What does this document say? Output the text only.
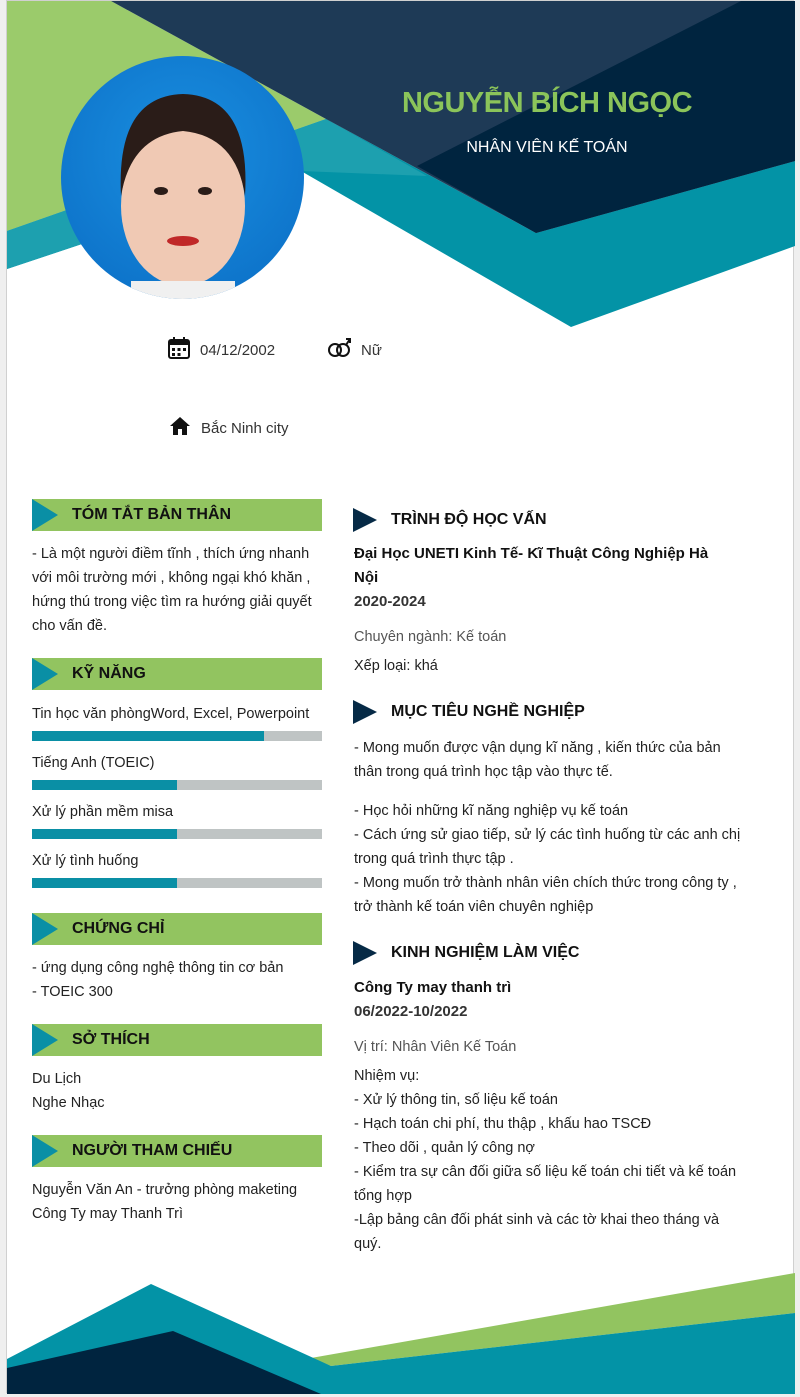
NGUYỄN BÍCH NGỌC
NHÂN VIÊN KẾ TOÁN
04/12/2002	Nữ
Bắc Ninh city
TÓM TẮT BẢN THÂN
- Là một người điềm tĩnh , thích ứng nhanh với môi trường mới , không ngại khó khăn , hứng thú trong việc tìm ra hướng giải quyết cho vấn đề.
KỸ NĂNG
Tin học văn phòngWord, Excel, Powerpoint
Tiếng Anh (TOEIC)
Xử lý phần mềm misa
Xử lý tình huống
CHỨNG CHỈ
- ứng dụng công nghệ thông tin cơ bản
- TOEIC 300
SỞ THÍCH
Du Lịch
Nghe Nhạc
NGƯỜI THAM CHIẾU
Nguyễn Văn An - trưởng phòng maketing
Công Ty may Thanh Trì
TRÌNH ĐỘ HỌC VẤN
Đại Học UNETI Kinh Tế- Kĩ Thuật Công Nghiệp Hà Nội
2020-2024
Chuyên ngành: Kế toán
Xếp loại: khá
MỤC TIÊU NGHỀ NGHIỆP
- Mong muốn được vận dụng kĩ năng , kiến thức của bản thân trong quá trình học tập vào thực tế.
- Học hỏi những kĩ năng nghiệp vụ kế toán
- Cách ứng sử giao tiếp, sử lý các tình huống từ các anh chị trong quá trình thực tập .
- Mong muốn trở thành nhân viên chích thức trong công ty , trở thành kế toán viên chuyên nghiệp
KINH NGHIỆM LÀM VIỆC
Công Ty may thanh trì
06/2022-10/2022
Vị trí: Nhân Viên Kế Toán
Nhiệm vụ:
- Xử lý thông tin, số liệu kế toán
- Hạch toán chi phí, thu thập , khấu hao TSCĐ
- Theo dõi , quản lý công nợ
- Kiểm tra sự cân đối giữa số liệu kế toán chi tiết và kế toán tổng hợp
-Lập bảng cân đối phát sinh và các tờ khai theo tháng và quý.
